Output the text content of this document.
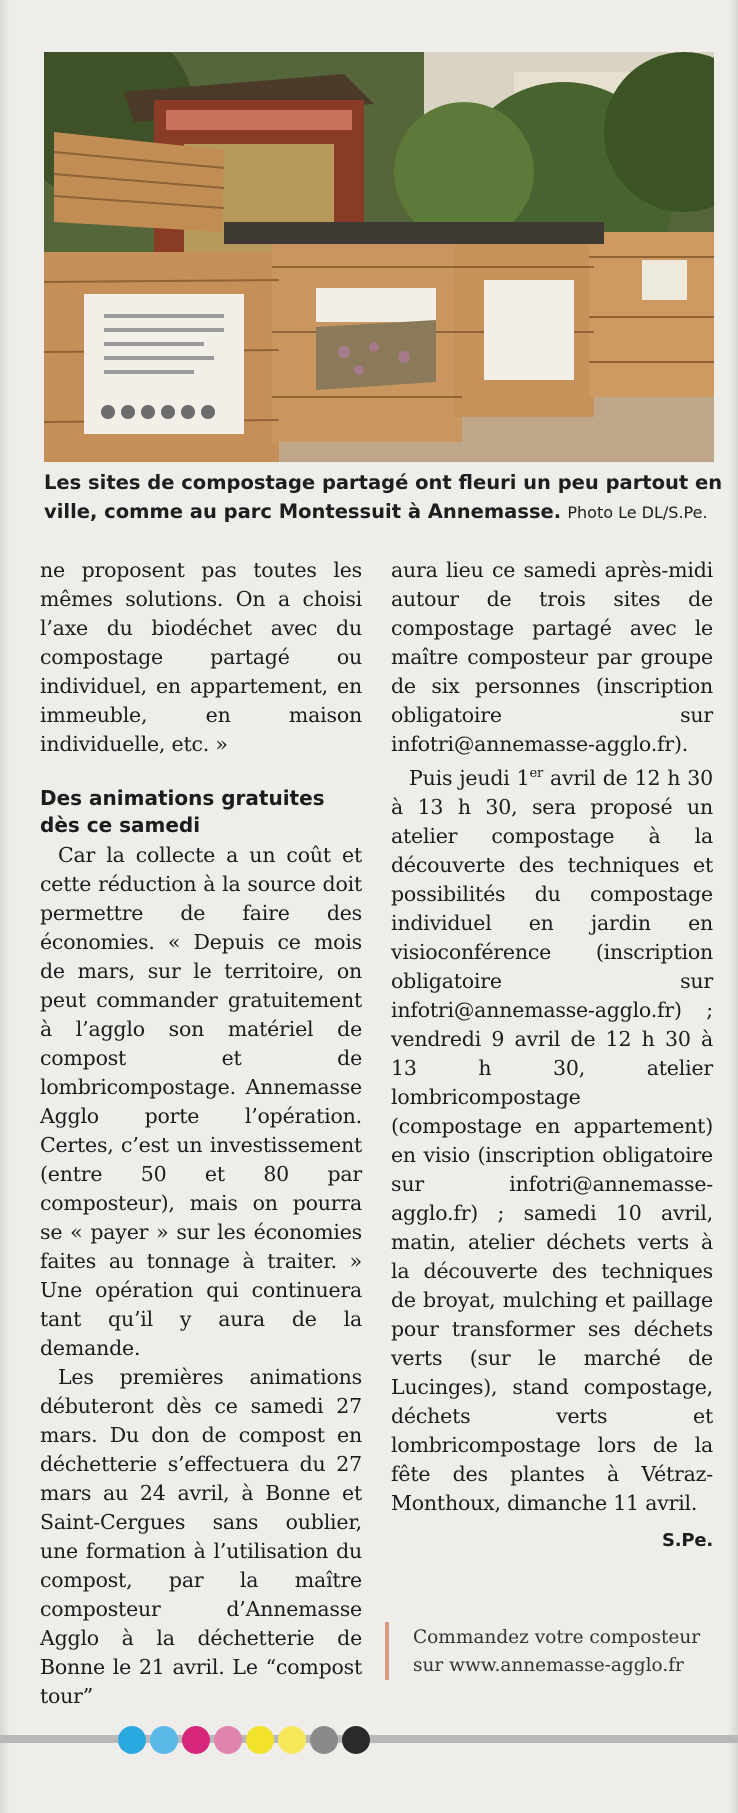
Les sites de compostage partagé ont fleuri un peu partout en ville, comme au parc Montessuit à Annemasse. Photo Le DL/S.Pe.

ne proposent pas toutes les mêmes solutions. On a choisi l’axe du biodéchet avec du compostage partagé ou individuel, en appartement, en immeuble, en maison individuelle, etc. »

Des animations gratuites dès ce samedi

Car la collecte a un coût et cette réduction à la source doit permettre de faire des économies. « Depuis ce mois de mars, sur le territoire, on peut commander gratuitement à l’agglo son matériel de compost et de lombricompostage. Annemasse Agglo porte l’opération. Certes, c’est un investissement (entre 50 et 80 par composteur), mais on pourra se « payer » sur les économies faites au tonnage à traiter. » Une opération qui continuera tant qu’il y aura de la demande.

Les premières animations débuteront dès ce samedi 27 mars. Du don de compost en déchetterie s’effectuera du 27 mars au 24 avril, à Bonne et Saint-Cergues sans oublier, une formation à l’utilisation du compost, par la maître composteur d’Annemasse Agglo à la déchetterie de Bonne le 21 avril. Le “compost tour”

aura lieu ce samedi après-midi autour de trois sites de compostage partagé avec le maître composteur par groupe de six personnes (inscription obligatoire sur infotri@annemasse-agglo.fr).

Puis jeudi 1er avril de 12 h 30 à 13 h 30, sera proposé un atelier compostage à la découverte des techniques et possibilités du compostage individuel en jardin en visioconférence (inscription obligatoire sur infotri@annemasse-agglo.fr) ; vendredi 9 avril de 12 h 30 à 13 h 30, atelier lombricompostage (compostage en appartement) en visio (inscription obligatoire sur infotri@annemasse-agglo.fr) ; samedi 10 avril, matin, atelier déchets verts à la découverte des techniques de broyat, mulching et paillage pour transformer ses déchets verts (sur le marché de Lucinges), stand compostage, déchets verts et lombricompostage lors de la fête des plantes à Vétraz-Monthoux, dimanche 11 avril.

S.Pe.
Commandez votre composteur sur www.annemasse-agglo.fr
